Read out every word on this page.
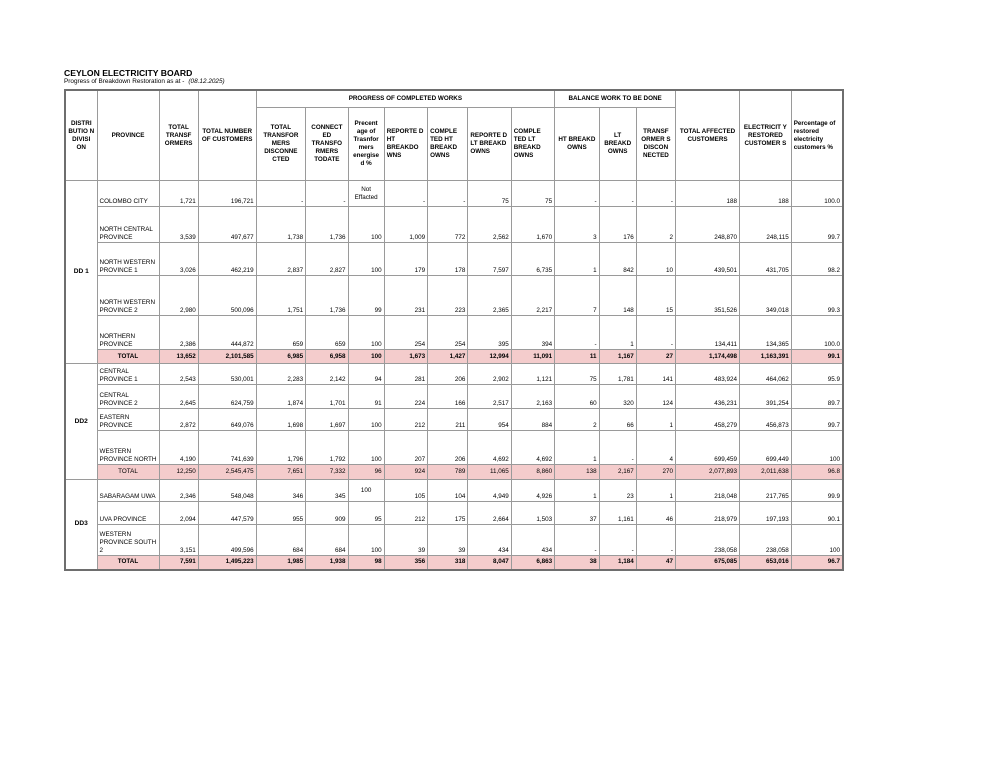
CEYLON ELECTRICITY BOARD

Progress of Breakdown Restoration as at - (08.12.2025)

DISTRI BUTIO N DIVISI ON	PROVINCE	TOTAL TRANSF ORMERS	TOTAL NUMBER OF CUSTOMERS	PROGRESS OF COMPLETED WORKS							BALANCE WORK TO BE DONE			TOTAL AFFECTED CUSTOMERS	ELECTRICIT Y RESTORED CUSTOMER S	Percentage of restored electricity customers %
				TOTAL TRANSFOR MERS DISCONNE CTED	CONNECT ED TRANSFO RMERS TODATE	Precent age of Trasnfor mers energise d %	REPORTE D HT BREAKDO WNS	COMPLE TED HT BREAKD OWNS	REPORTE D LT BREAKD OWNS	COMPLE TED LT BREAKD OWNS	HT BREAKD OWNS	LT BREAKD OWNS	TRANSF ORMER S DISCON NECTED			
DD 1	COLOMBO CITY	1,721	196,721	-	-	Not Effacted	-	-	75	75	-	-	-	188	188	100.0
	NORTH CENTRAL PROVINCE	3,539	497,677	1,738	1,736	100	1,009	772	2,562	1,670	3	176	2	248,870	248,115	99.7
	NORTH WESTERN PROVINCE 1	3,026	462,219	2,837	2,827	100	179	178	7,597	6,735	1	842	10	439,501	431,705	98.2
	NORTH WESTERN PROVINCE 2	2,980	500,096	1,751	1,736	99	231	223	2,365	2,217	7	148	15	351,526	349,018	99.3
	NORTHERN PROVINCE	2,386	444,872	659	659	100	254	254	395	394	-	1	-	134,411	134,365	100.0
	TOTAL	13,652	2,101,585	6,985	6,958	100	1,673	1,427	12,994	11,091	11	1,167	27	1,174,498	1,163,391	99.1
DD2	CENTRAL PROVINCE 1	2,543	530,001	2,283	2,142	94	281	206	2,902	1,121	75	1,781	141	483,924	464,062	95.9
	CENTRAL PROVINCE 2	2,645	624,759	1,874	1,701	91	224	166	2,517	2,163	60	320	124	436,231	391,254	89.7
	EASTERN PROVINCE	2,872	649,076	1,698	1,697	100	212	211	954	884	2	66	1	458,279	456,873	99.7
	WESTERN PROVINCE NORTH	4,190	741,639	1,796	1,792	100	207	206	4,692	4,692	1	-	4	699,459	699,449	100
	TOTAL	12,250	2,545,475	7,651	7,332	96	924	789	11,065	8,860	138	2,167	270	2,077,893	2,011,638	96.8
DD3	SABARAGAM UWA	2,346	548,048	346	345	100	105	104	4,949	4,926	1	23	1	218,048	217,765	99.9
	UVA PROVINCE	2,094	447,579	955	909	95	212	175	2,664	1,503	37	1,161	46	218,979	197,193	90.1
	WESTERN PROVINCE SOUTH 2	3,151	499,596	684	684	100	39	39	434	434	-	-	-	238,058	238,058	100
	TOTAL	7,591	1,495,223	1,985	1,938	98	356	318	8,047	6,863	38	1,184	47	675,085	653,016	96.7
